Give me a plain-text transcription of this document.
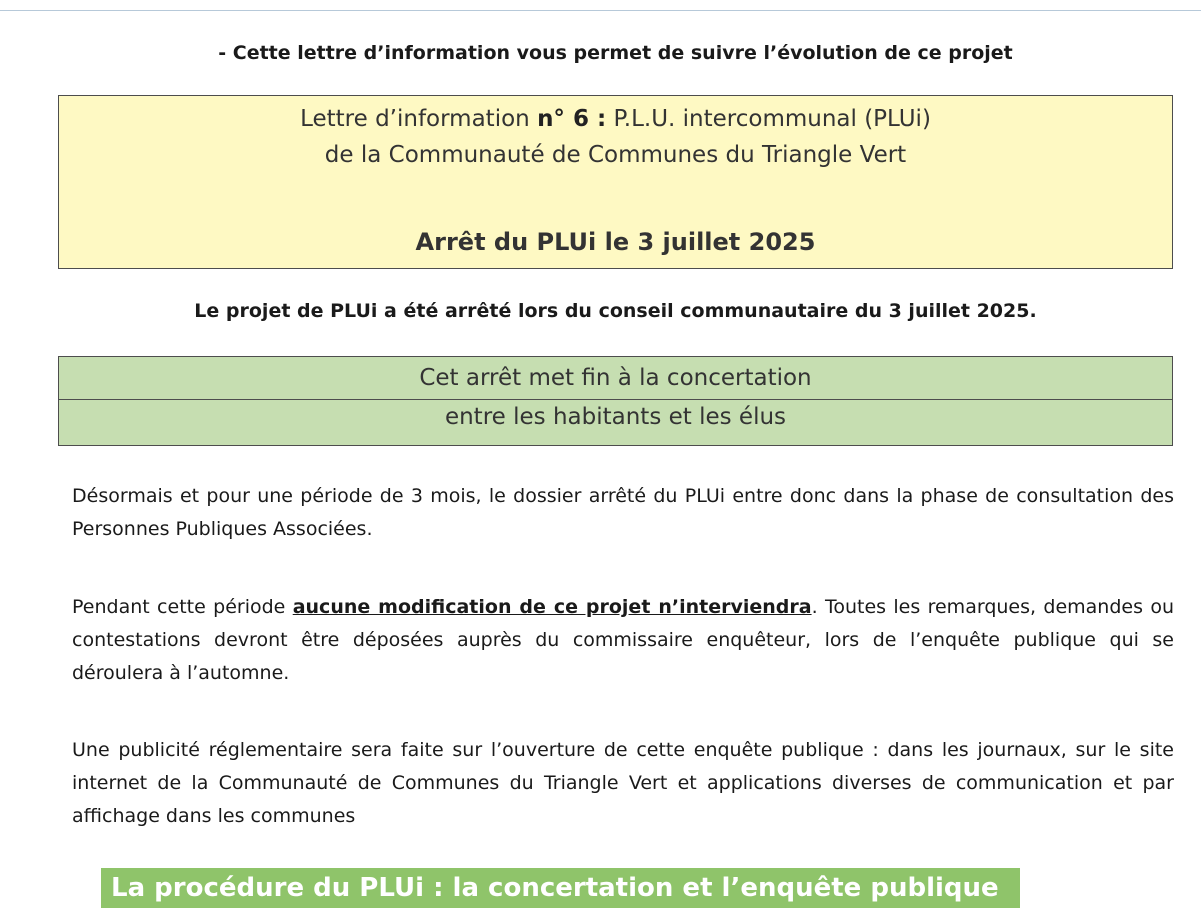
- Cette lettre d’information vous permet de suivre l’évolution de ce projet
Lettre d’information n° 6 : P.L.U. intercommunal (PLUi)
de la Communauté de Communes du Triangle Vert
Arrêt du PLUi le 3 juillet 2025
Le projet de PLUi a été arrêté lors du conseil communautaire du 3 juillet 2025.
Cet arrêt met fin à la concertation
entre les habitants et les élus
Désormais et pour une période de 3 mois, le dossier arrêté du PLUi entre donc dans la phase de consultation des Personnes Publiques Associées.
Pendant cette période aucune modification de ce projet n’interviendra. Toutes les remarques, demandes ou contestations devront être déposées auprès du commissaire enquêteur, lors de l’enquête publique qui se déroulera à l’automne.
Une publicité réglementaire sera faite sur l’ouverture de cette enquête publique : dans les journaux, sur le site internet de la Communauté de Communes du Triangle Vert et applications diverses de communication et par affichage dans les communes
La procédure du PLUi : la concertation et l’enquête publique
